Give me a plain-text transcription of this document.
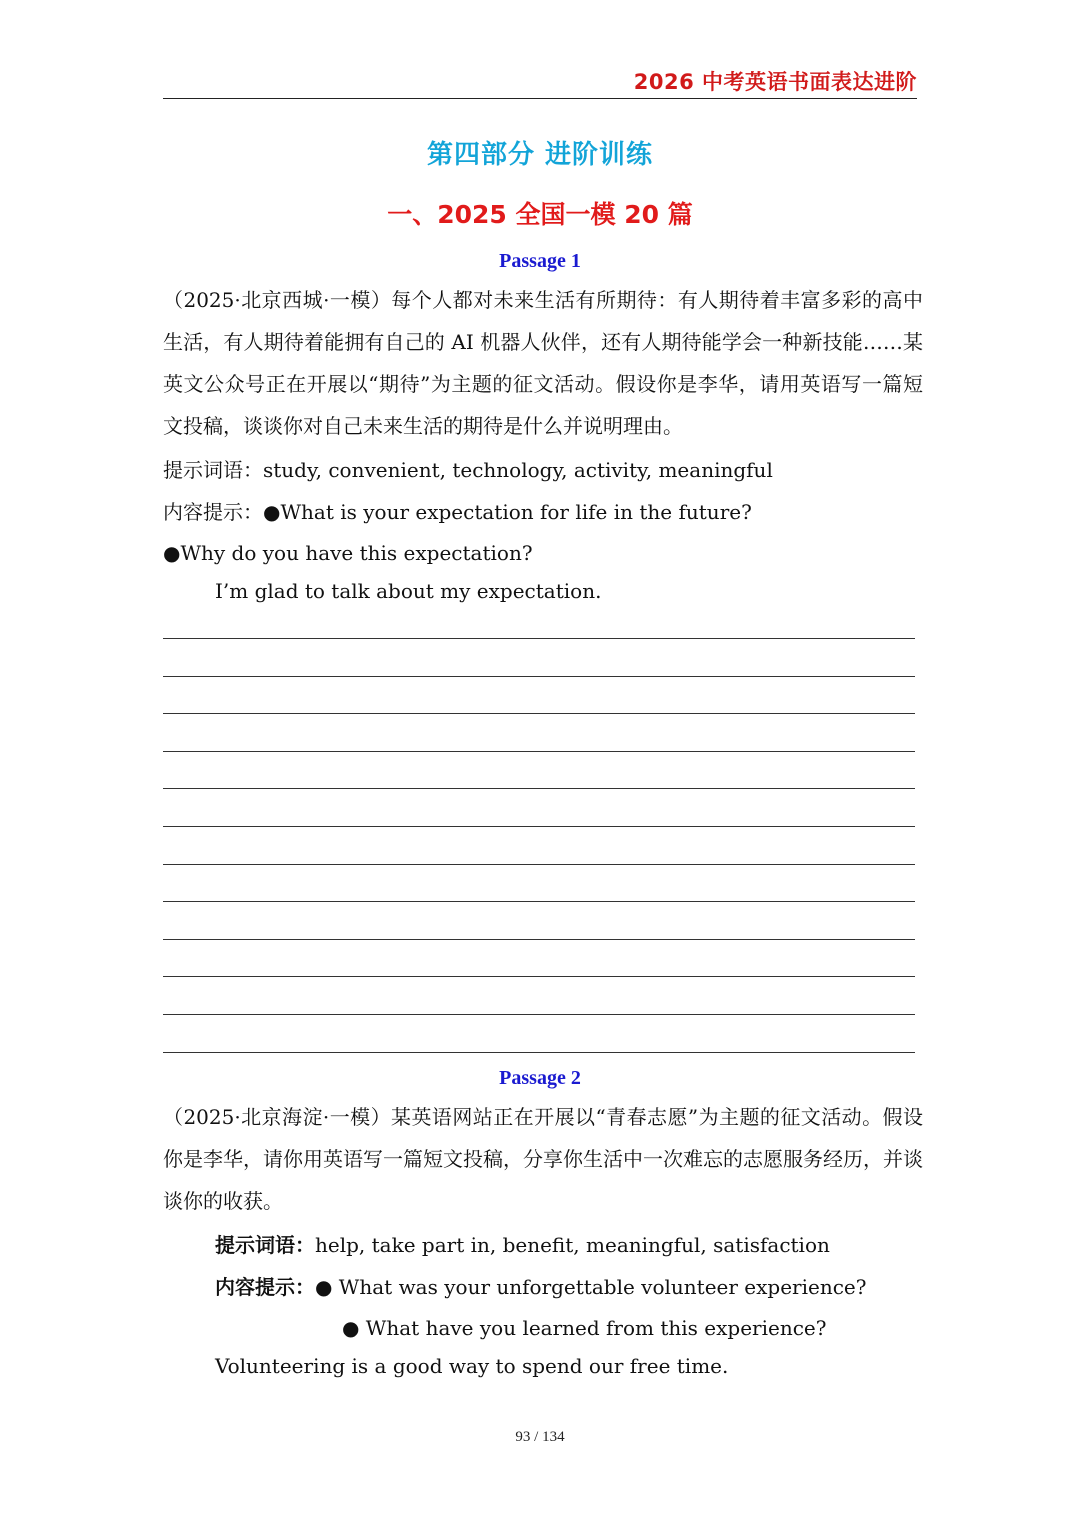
2026 中考英语书面表达进阶
第四部分 进阶训练
一、2025 全国一模 20 篇
Passage 1
（2025·北京西城·一模）每个人都对未来生活有所期待：有人期待着丰富多彩的高中生活，有人期待着能拥有自己的 AI 机器人伙伴，还有人期待能学会一种新技能……某英文公众号正在开展以“期待”为主题的征文活动。假设你是李华，请用英语写一篇短文投稿，谈谈你对自己未来生活的期待是什么并说明理由。
提示词语：study, convenient, technology, activity, meaningful
内容提示：●What is your expectation for life in the future?
●Why do you have this expectation?
I’m glad to talk about my expectation.
Passage 2
（2025·北京海淀·一模）某英语网站正在开展以“青春志愿”为主题的征文活动。假设你是李华，请你用英语写一篇短文投稿，分享你生活中一次难忘的志愿服务经历，并谈谈你的收获。
提示词语：help, take part in, benefit, meaningful, satisfaction
内容提示：● What was your unforgettable volunteer experience?
● What have you learned from this experience?
Volunteering is a good way to spend our free time.
93 / 134
